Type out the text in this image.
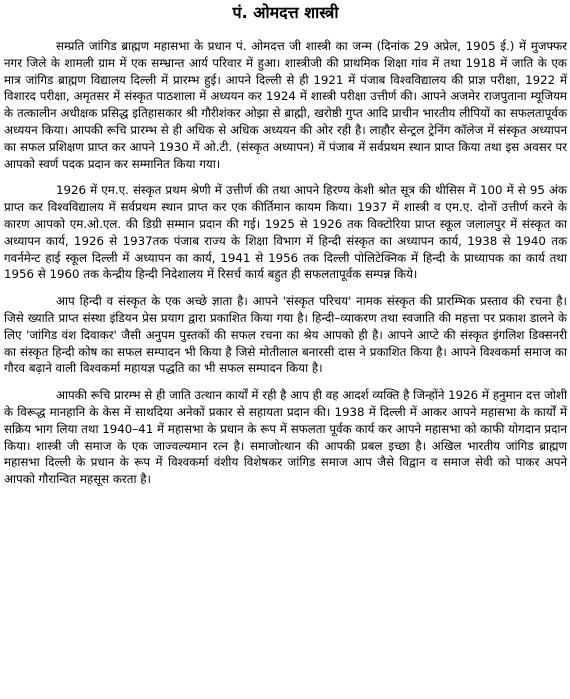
पं. ओमदत्त शास्त्री

सम्प्रति जांगिड ब्राह्मण महासभा के प्रधान पं. ओमदत्त जी शास्त्री का जन्म (दिनांक 29 अप्रेल, 1905 ई.) में मुजफ्फर नगर जिले के शामली ग्राम में एक सम्भ्रान्त आर्य परिवार में हुआ। शास्त्रीजी की प्राथमिक शिक्षा गांव में तथा 1918 में जाति के एक मात्र जांगिड ब्राह्मण विद्यालय दिल्ली में प्रारम्भ हुई। आपने दिल्ली से ही 1921 में पंजाब विश्वविद्यालय की प्राज्ञ परीक्षा, 1922 में विशारद परीक्षा, अमृतसर में संस्कृत पाठशाला में अध्ययन कर 1924 में शास्त्री परीक्षा उत्तीर्ण की। आपने अजमेर राजपुताना म्यूजियम के तत्कालीन अधीक्षक प्रसिद्ध इतिहासकार श्री गौरीशंकर ओझा से ब्राह्मी, खरोष्ठी गुप्त आदि प्राचीन भारतीय लीपियों का सफलतापूर्वक अध्ययन किया। आपकी रूचि प्रारम्भ से ही अधिक से अधिक अध्ययन की ओर रही है। लाहौर सेन्ट्रल ट्रेनिंग कॉलेज में संस्कृत अध्यापन का सफल प्रशिक्षण प्राप्त कर आपने 1930 में ओ.टी. (संस्कृत अध्यापन) में पंजाब में सर्वप्रथम स्थान प्राप्त किया तथा इस अवसर पर आपको स्वर्ण पदक प्रदान कर सम्मानित किया गया।

1926 में एम.ए. संस्कृत प्रथम श्रेणी में उत्तीर्ण की तथा आपने हिरण्य केशी श्रोत सूत्र की थीसिस में 100 में से 95 अंक प्राप्त कर विश्वविद्यालय में सर्वप्रथम स्थान प्राप्त कर एक कीर्तिमान कायम किया। 1937 में शास्त्री व एम.ए. दोनों उत्तीर्ण करने के कारण आपको एम.ओ.एल. की डिग्री सम्मान प्रदान की गई। 1925 से 1926 तक विक्टोरिया प्राप्त स्कूल जलालपुर में संस्कृत का अध्यापन कार्य, 1926 से 1937तक पंजाब राज्य के शिक्षा विभाग में हिन्दी संस्कृत का अध्यापन कार्य, 1938 से 1940 तक गवर्नमेन्ट हाई स्कूल दिल्ली में अध्यापन का कार्य, 1941 से 1956 तक दिल्ली पोलिटेक्निक में हिन्दी के प्राध्यापक का कार्य तथा 1956 से 1960 तक केन्द्रीय हिन्दी निदेशालय में रिसर्च कार्य बहुत ही सफलतापूर्वक सम्पन्न किये।

आप हिन्दी व संस्कृत के एक अच्छे ज्ञाता है। आपने 'संस्कृत परिचय' नामक संस्कृत की प्रारम्भिक प्रस्ताव की रचना है। जिसे ख्याति प्राप्त संस्था इंडियन प्रेस प्रयाग द्वारा प्रकाशित किया गया है। हिन्दी–व्याकरण तथा स्वजाति की महत्ता पर प्रकाश डालने के लिए 'जांगिड वंश दिवाकर' जैसी अनुपम पुस्तकों की सफल रचना का श्रेय आपको ही है। आपने आप्टे की संस्कृत इंगलिश डिक्सनरी का संस्कृत हिन्दी कोष का सफल सम्पादन भी किया है जिसे मोतीलाल बनारसी दास ने प्रकाशित किया है। आपने विश्वकर्मा समाज का गौरव बढ़ाने वाली विश्वकर्मा महायज्ञ पद्धति का भी सफल सम्पादन किया है।

आपकी रूचि प्रारम्भ से ही जाति उत्थान कार्यों में रही है आप ही वह आदर्श व्यक्ति है जिन्होंने 1926 में हनुमान दत्त जोशी के विरूद्ध मानहानि के केस में साथदिया अनेकों प्रकार से सहायता प्रदान की। 1938 में दिल्ली में आकर आपने महासभा के कार्यों में सक्रिय भाग लिया तथा 1940–41 में महासभा के प्रधान के रूप में सफलता पूर्वक कार्य कर आपने महासभा को काफी योगदान प्रदान किया। शास्त्री जी समाज के एक जाज्वल्यमान रत्न है। समाजोत्थान की आपकी प्रबल इच्छा है। अखिल भारतीय जांगिड ब्राह्मण महासभा दिल्ली के प्रधान के रूप में विश्वकर्मा वंशीय विशेषकर जांगिड समाज आप जैसे विद्वान व समाज सेवी को पाकर अपने आपको गौरान्वित महसूस करता है।
